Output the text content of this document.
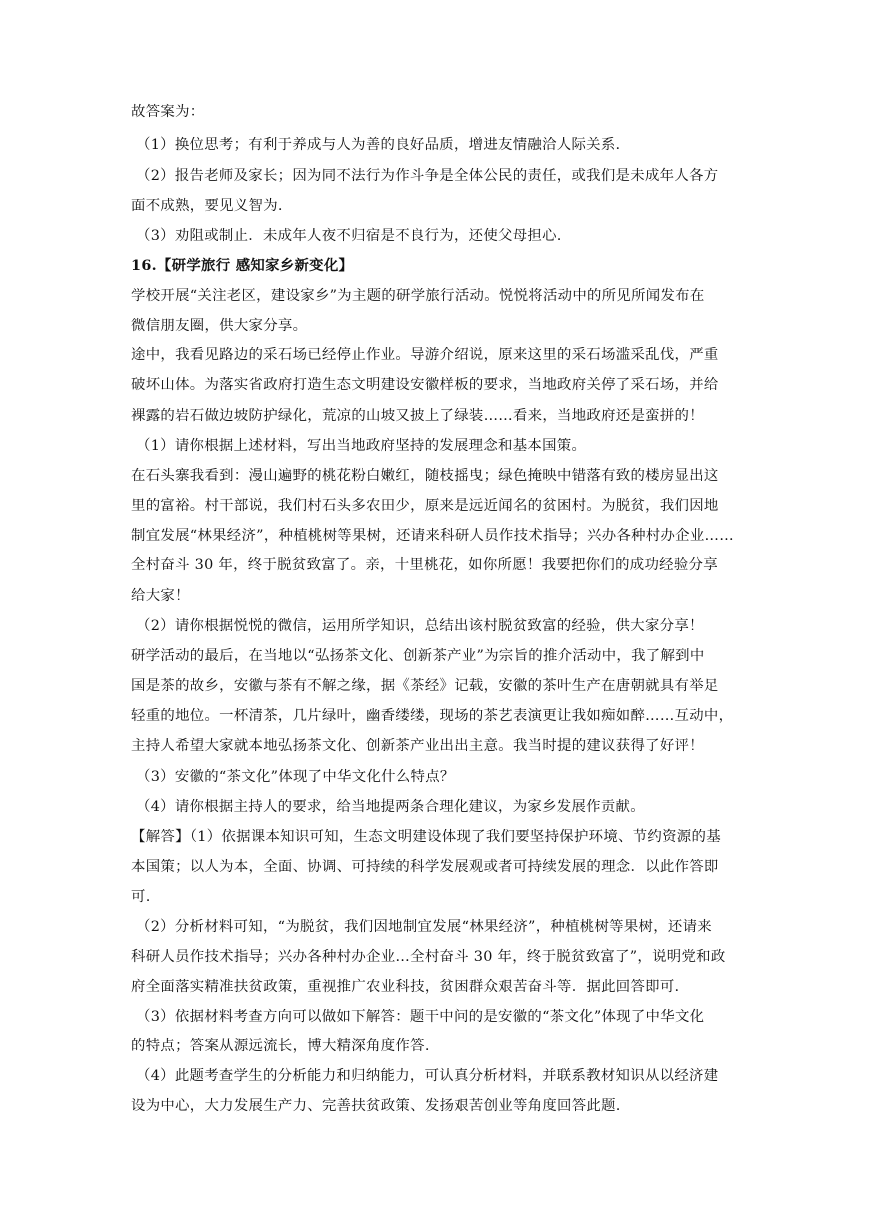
故答案为：
（1）换位思考；有利于养成与人为善的良好品质，增进友情融洽人际关系.
（2）报告老师及家长；因为同不法行为作斗争是全体公民的责任，或我们是未成年人各方
面不成熟，要见义智为.
（3）劝阻或制止．未成年人夜不归宿是不良行为，还使父母担心.
16.【研学旅行 感知家乡新变化】
学校开展“关注老区，建设家乡”为主题的研学旅行活动。悦悦将活动中的所见所闻发布在
微信朋友圈，供大家分享。
途中，我看见路边的采石场已经停止作业。导游介绍说，原来这里的采石场滥采乱伐，严重
破坏山体。为落实省政府打造生态文明建设安徽样板的要求，当地政府关停了采石场，并给
裸露的岩石做边坡防护绿化，荒凉的山坡又披上了绿装……看来，当地政府还是蛮拼的！
（1）请你根据上述材料，写出当地政府坚持的发展理念和基本国策。
在石头寨我看到：漫山遍野的桃花粉白嫩红，随枝摇曳；绿色掩映中错落有致的楼房显出这
里的富裕。村干部说，我们村石头多农田少，原来是远近闻名的贫困村。为脱贫，我们因地
制宜发展“林果经济”，种植桃树等果树，还请来科研人员作技术指导；兴办各种村办企业……
全村奋斗 30 年，终于脱贫致富了。亲，十里桃花，如你所愿！我要把你们的成功经验分享
给大家！
（2）请你根据悦悦的微信，运用所学知识，总结出该村脱贫致富的经验，供大家分享！
研学活动的最后，在当地以“弘扬茶文化、创新茶产业”为宗旨的推介活动中，我了解到中
国是茶的故乡，安徽与茶有不解之缘，据《茶经》记载，安徽的茶叶生产在唐朝就具有举足
轻重的地位。一杯清茶，几片绿叶，幽香缕缕，现场的茶艺表演更让我如痴如醉……互动中，
主持人希望大家就本地弘扬茶文化、创新茶产业出出主意。我当时提的建议获得了好评！
（3）安徽的“茶文化”体现了中华文化什么特点？
（4）请你根据主持人的要求，给当地提两条合理化建议，为家乡发展作贡献。
【解答】（1）依据课本知识可知，生态文明建设体现了我们要坚持保护环境、节约资源的基
本国策；以人为本，全面、协调、可持续的科学发展观或者可持续发展的理念．以此作答即
可.
（2）分析材料可知，“为脱贫，我们因地制宜发展“林果经济”，种植桃树等果树，还请来
科研人员作技术指导；兴办各种村办企业…全村奋斗 30 年，终于脱贫致富了”，说明党和政
府全面落实精准扶贫政策，重视推广农业科技，贫困群众艰苦奋斗等．据此回答即可.
（3）依据材料考查方向可以做如下解答：题干中问的是安徽的“茶文化”体现了中华文化
的特点；答案从源远流长，博大精深角度作答.
（4）此题考查学生的分析能力和归纳能力，可认真分析材料，并联系教材知识从以经济建
设为中心，大力发展生产力、完善扶贫政策、发扬艰苦创业等角度回答此题.
